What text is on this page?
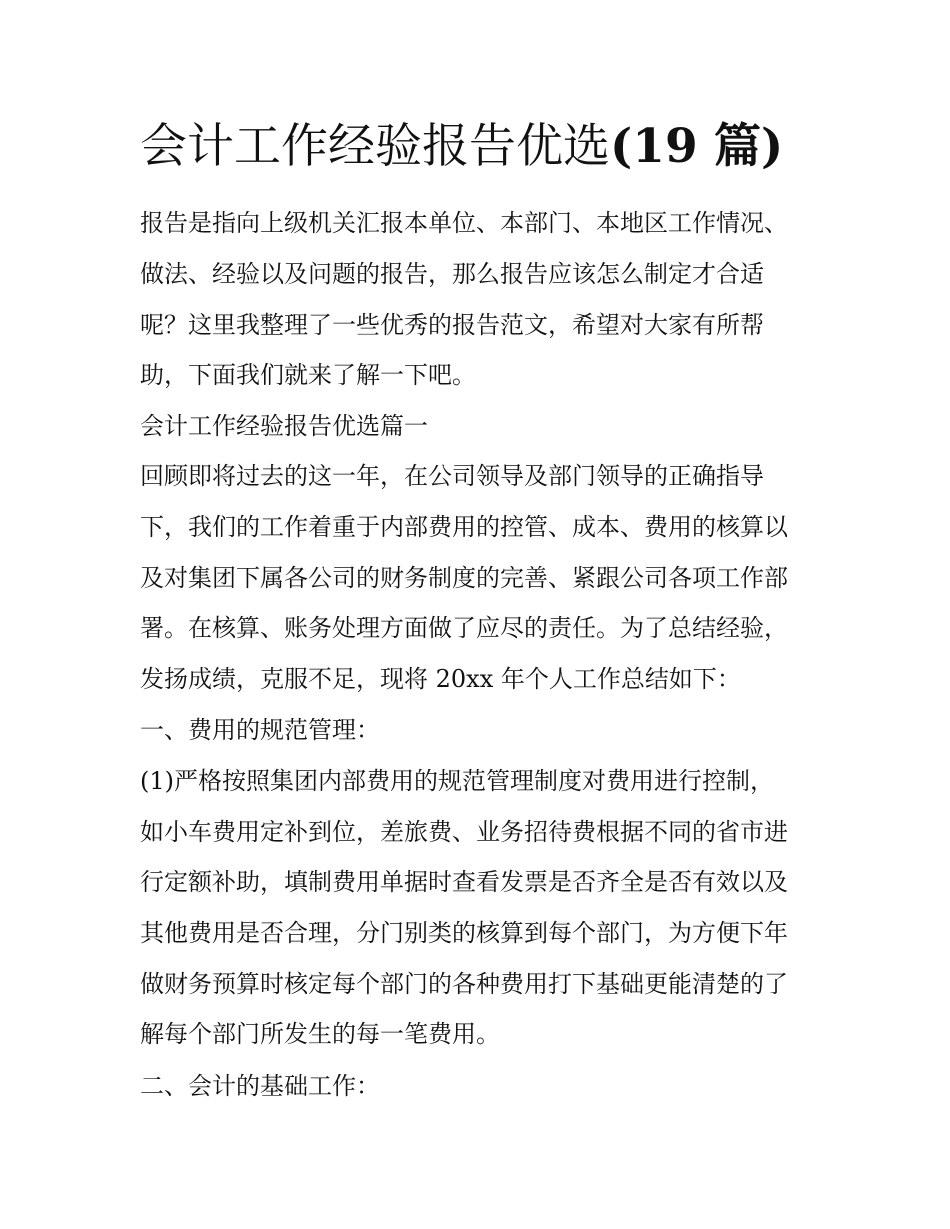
会计工作经验报告优选(19 篇)

报告是指向上级机关汇报本单位、本部门、本地区工作情况、

做法、经验以及问题的报告，那么报告应该怎么制定才合适

呢？这里我整理了一些优秀的报告范文，希望对大家有所帮

助，下面我们就来了解一下吧。

会计工作经验报告优选篇一

回顾即将过去的这一年，在公司领导及部门领导的正确指导

下，我们的工作着重于内部费用的控管、成本、费用的核算以

及对集团下属各公司的财务制度的完善、紧跟公司各项工作部

署。在核算、账务处理方面做了应尽的责任。为了总结经验，

发扬成绩，克服不足，现将 20xx 年个人工作总结如下：

一、费用的规范管理：

(1)严格按照集团内部费用的规范管理制度对费用进行控制，

如小车费用定补到位，差旅费、业务招待费根据不同的省市进

行定额补助，填制费用单据时查看发票是否齐全是否有效以及

其他费用是否合理，分门别类的核算到每个部门，为方便下年

做财务预算时核定每个部门的各种费用打下基础更能清楚的了

解每个部门所发生的每一笔费用。

二、会计的基础工作：
